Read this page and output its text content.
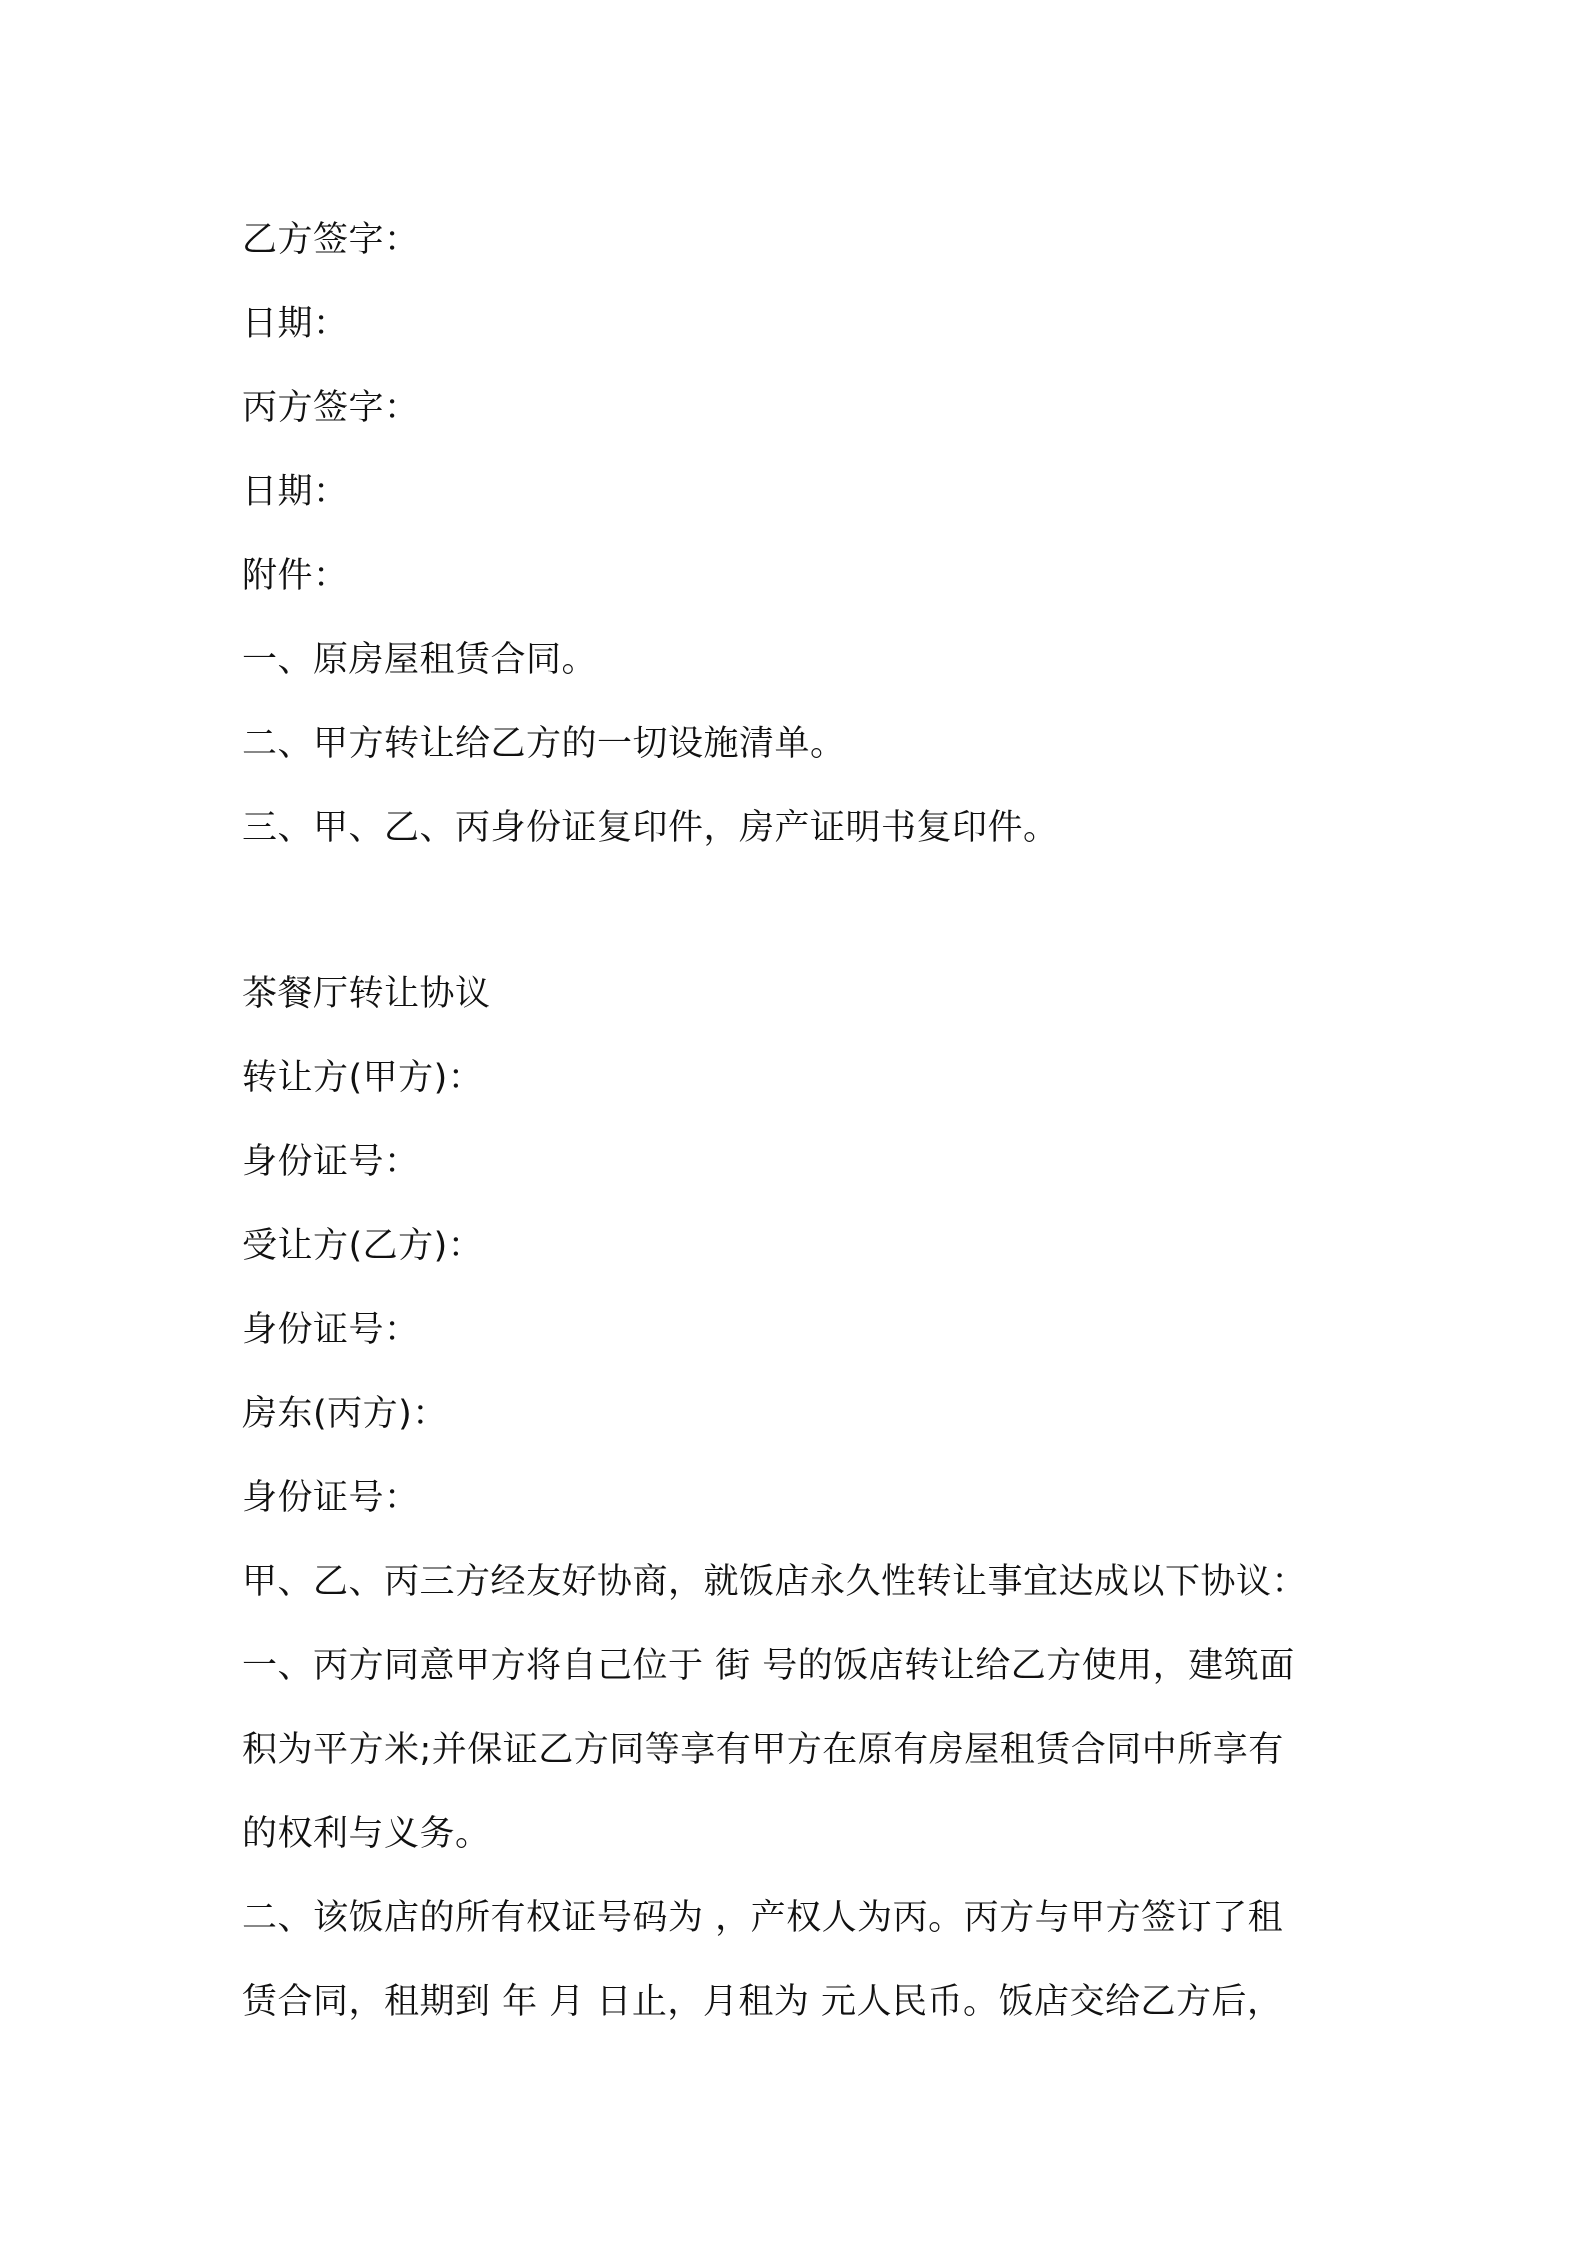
乙方签字：
日期：
丙方签字：
日期：
附件：
一、原房屋租赁合同。
二、甲方转让给乙方的一切设施清单。
三、甲、乙、丙身份证复印件，房产证明书复印件。
茶餐厅转让协议
转让方(甲方)：
身份证号：
受让方(乙方)：
身份证号：
房东(丙方)：
身份证号：
甲、乙、丙三方经友好协商，就饭店永久性转让事宜达成以下协议：
一、丙方同意甲方将自己位于 街 号的饭店转让给乙方使用，建筑面
积为平方米;并保证乙方同等享有甲方在原有房屋租赁合同中所享有
的权利与义务。
二、该饭店的所有权证号码为 ，产权人为丙。丙方与甲方签订了租
赁合同，租期到 年 月 日止，月租为 元人民币。饭店交给乙方后，
